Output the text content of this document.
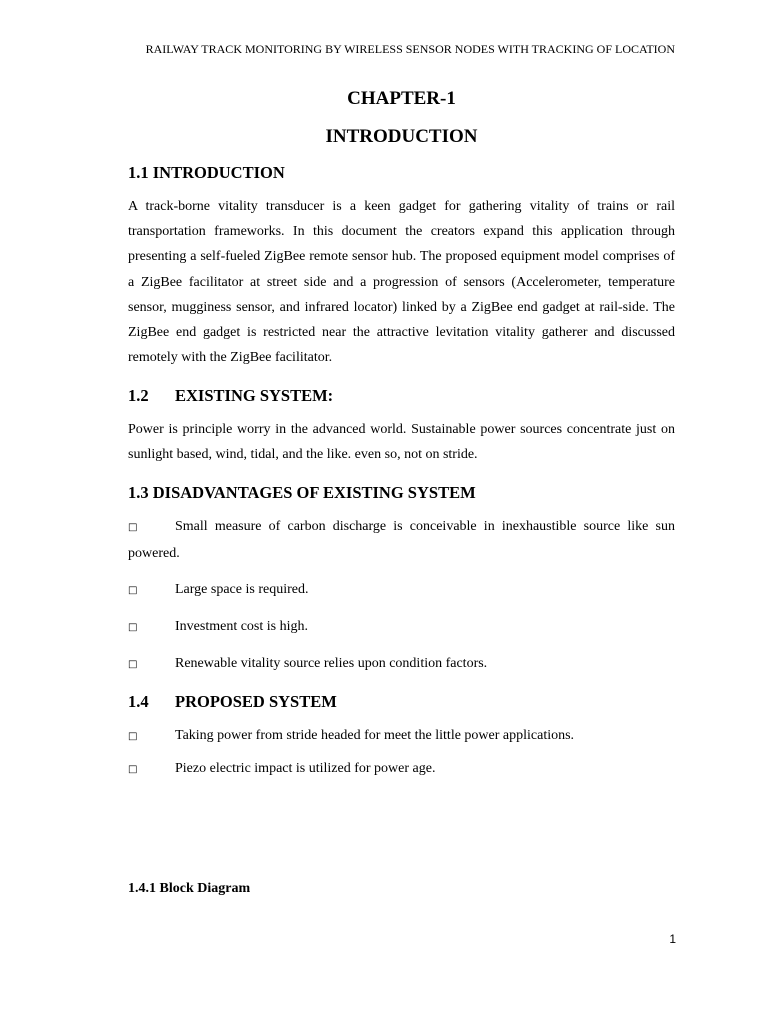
RAILWAY TRACK MONITORING BY WIRELESS SENSOR NODES WITH TRACKING OF LOCATION
CHAPTER-1
INTRODUCTION
1.1 INTRODUCTION
A track-borne vitality transducer is a keen gadget for gathering vitality of trains or rail transportation frameworks. In this document the creators expand this application through presenting a self-fueled ZigBee remote sensor hub. The proposed equipment model comprises of a ZigBee facilitator at street side and a progression of sensors (Accelerometer, temperature sensor, mugginess sensor, and infrared locator) linked by a ZigBee end gadget at rail-side. The ZigBee end gadget is restricted near the attractive levitation vitality gatherer and discussed remotely with the ZigBee facilitator.
1.2 EXISTING SYSTEM:
Power is principle worry in the advanced world. Sustainable power sources concentrate just on sunlight based, wind, tidal, and the like. even so, not on stride.
1.3 DISADVANTAGES OF EXISTING SYSTEM
□	Small measure of carbon discharge is conceivable in inexhaustible source like sun powered.
□	Large space is required.
□	Investment cost is high.
□	Renewable vitality source relies upon condition factors.
1.4 PROPOSED SYSTEM
□	Taking power from stride headed for meet the little power applications.
□	Piezo electric impact is utilized for power age.
1.4.1 Block Diagram
1
